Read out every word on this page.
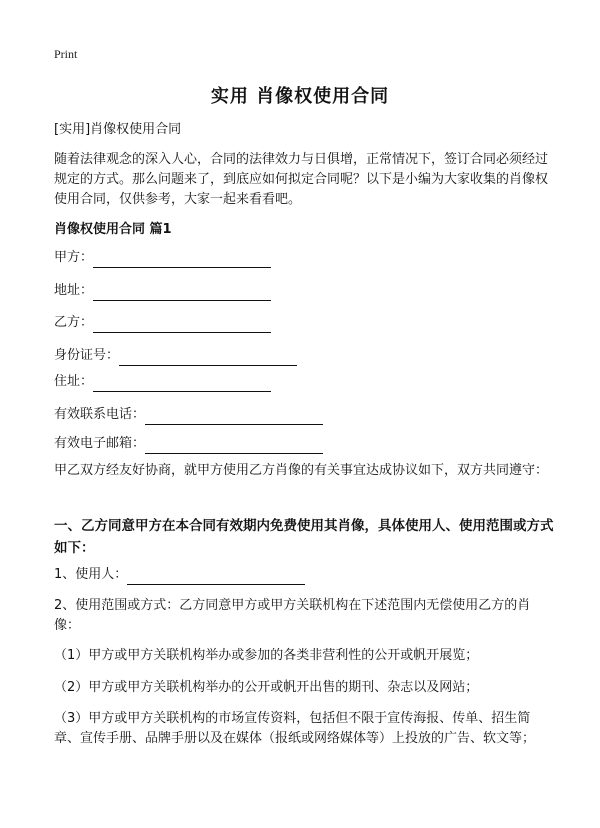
Print
实用 肖像权使用合同
[实用]肖像权使用合同
随着法律观念的深入人心，合同的法律效力与日俱增，正常情况下，签订合同必须经过规定的方式。那么问题来了，到底应如何拟定合同呢？以下是小编为大家收集的肖像权使用合同，仅供参考，大家一起来看看吧。
肖像权使用合同 篇1
甲方：
地址：
乙方：
身份证号：
住址：
有效联系电话：
有效电子邮箱：
甲乙双方经友好协商，就甲方使用乙方肖像的有关事宜达成协议如下，双方共同遵守：
一、乙方同意甲方在本合同有效期内免费使用其肖像，具体使用人、使用范围或方式如下：
1、使用人：
2、使用范围或方式：乙方同意甲方或甲方关联机构在下述范围内无偿使用乙方的肖像：
（1）甲方或甲方关联机构举办或参加的各类非营利性的公开或帆开展览；
（2）甲方或甲方关联机构举办的公开或帆开出售的期刊、杂志以及网站；
（3）甲方或甲方关联机构的市场宣传资料，包括但不限于宣传海报、传单、招生简章、宣传手册、品牌手册以及在媒体（报纸或网络媒体等）上投放的广告、软文等；
